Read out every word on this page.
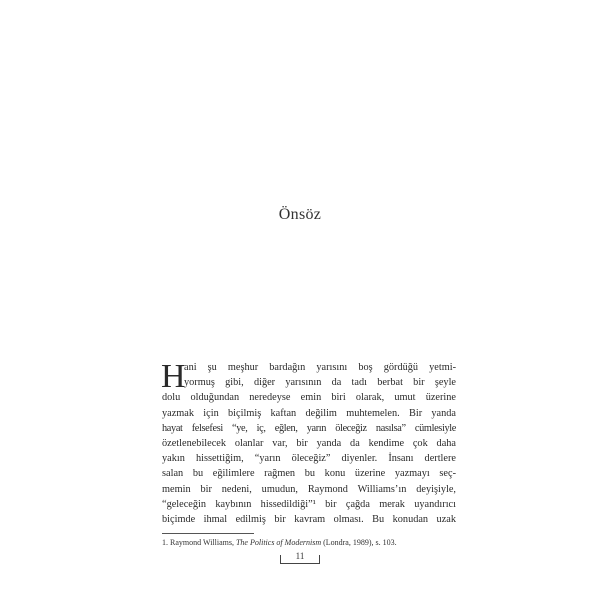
Önsöz
H
ani şu meşhur bardağın yarısını boş gördüğü yetmi-
yormuş gibi, diğer yarısının da tadı berbat bir şeyle
dolu olduğundan neredeyse emin biri olarak, umut üzerine
yazmak için biçilmiş kaftan değilim muhtemelen. Bir yanda
hayat felsefesi “ye, iç, eğlen, yarın öleceğiz nasılsa” cümlesiyle
özetlenebilecek olanlar var, bir yanda da kendime çok daha
yakın hissettiğim, “yarın öleceğiz” diyenler. İnsanı dertlere
salan bu eğilimlere rağmen bu konu üzerine yazmayı seç-
memin bir nedeni, umudun, Raymond Williams’ın deyişiyle,
“geleceğin kaybının hissedildiği”¹ bir çağda merak uyandırıcı
biçimde ihmal edilmiş bir kavram olması. Bu konudan uzak
1. Raymond Williams, The Politics of Modernism (Londra, 1989), s. 103.
11
